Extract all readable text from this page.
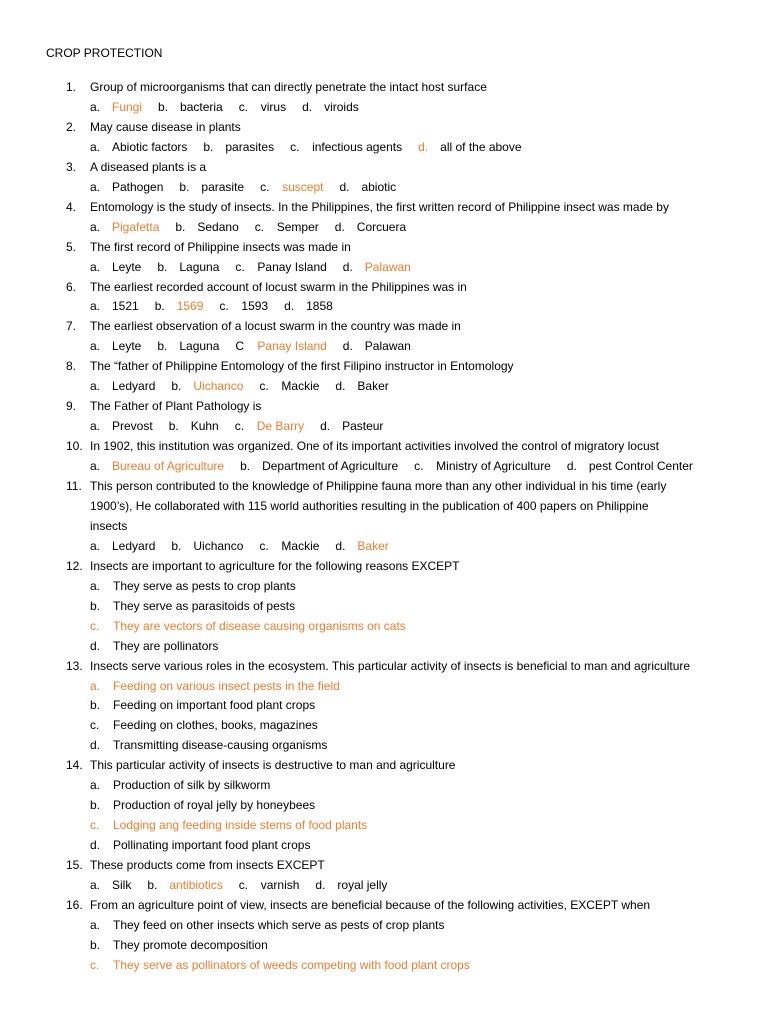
CROP PROTECTION
1. Group of microorganisms that can directly penetrate the intact host surface
a. Fungi b. bacteria c. virus d. viroids
2. May cause disease in plants
a. Abiotic factors b. parasites c. infectious agents d. all of the above
3. A diseased plants is a
a. Pathogen b. parasite c. suscept d. abiotic
4. Entomology is the study of insects. In the Philippines, the first written record of Philippine insect was made by
a. Pigafetta b. Sedano c. Semper d. Corcuera
5. The first record of Philippine insects was made in
a. Leyte b. Laguna c. Panay Island d. Palawan
6. The earliest recorded account of locust swarm in the Philippines was in
a. 1521 b. 1569 c. 1593 d. 1858
7. The earliest observation of a locust swarm in the country was made in
a. Leyte b. Laguna C Panay Island d. Palawan
8. The “father of Philippine Entomology of the first Filipino instructor in Entomology
a. Ledyard b. Uichanco c. Mackie d. Baker
9. The Father of Plant Pathology is
a. Prevost b. Kuhn c. De Barry d. Pasteur
10. In 1902, this institution was organized. One of its important activities involved the control of migratory locust
a. Bureau of Agriculture b. Department of Agriculture c. Ministry of Agriculture d. pest Control Center
11. This person contributed to the knowledge of Philippine fauna more than any other individual in his time (early
1900’s), He collaborated with 115 world authorities resulting in the publication of 400 papers on Philippine
insects
a. Ledyard b. Uichanco c. Mackie d. Baker
12. Insects are important to agriculture for the following reasons EXCEPT
a. They serve as pests to crop plants
b. They serve as parasitoids of pests
c. They are vectors of disease causing organisms on cats
d. They are pollinators
13. Insects serve various roles in the ecosystem. This particular activity of insects is beneficial to man and agriculture
a. Feeding on various insect pests in the field
b. Feeding on important food plant crops
c. Feeding on clothes, books, magazines
d. Transmitting disease-causing organisms
14. This particular activity of insects is destructive to man and agriculture
a. Production of silk by silkworm
b. Production of royal jelly by honeybees
c. Lodging ang feeding inside stems of food plants
d. Pollinating important food plant crops
15. These products come from insects EXCEPT
a. Silk b. antibiotics c. varnish d. royal jelly
16. From an agriculture point of view, insects are beneficial because of the following activities, EXCEPT when
a. They feed on other insects which serve as pests of crop plants
b. They promote decomposition
c. They serve as pollinators of weeds competing with food plant crops
